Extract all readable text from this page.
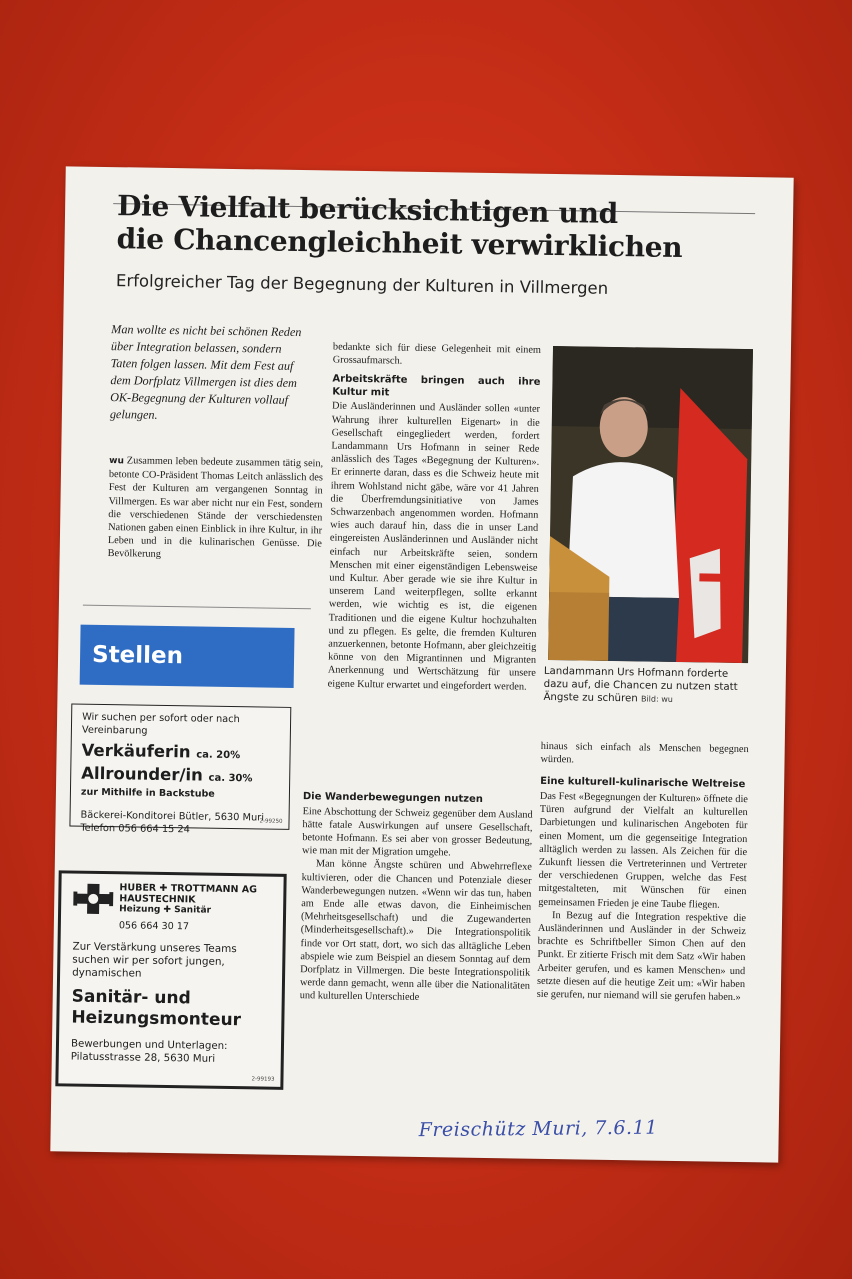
Die Vielfalt berücksichtigen und
die Chancengleichheit verwirklichen

Erfolgreicher Tag der Begegnung der Kulturen in Villmergen

Man wollte es nicht bei schönen Reden über Integration belassen, sondern Taten folgen lassen. Mit dem Fest auf dem Dorfplatz Villmergen ist dies dem OK-Begegnung der Kulturen vollauf gelungen.

wu Zusammen leben bedeute zusammen tätig sein, betonte CO-Präsident Thomas Leitch anlässlich des Fest der Kulturen am vergangenen Sonntag in Villmergen. Es war aber nicht nur ein Fest, sondern die verschiedenen Stände der verschiedensten Nationen gaben einen Einblick in ihre Kultur, in ihr Leben und in die kulinarischen Genüsse. Die Bevölkerung

bedankte sich für diese Gelegenheit mit einem Grossaufmarsch.

Arbeitskräfte bringen auch ihre Kultur mit

Die Ausländerinnen und Ausländer sollen «unter Wahrung ihrer kulturellen Eigenart» in die Gesellschaft eingegliedert werden, fordert Landammann Urs Hofmann in seiner Rede anlässlich des Tages «Begegnung der Kulturen». Er erinnerte daran, dass es die Schweiz heute mit ihrem Wohlstand nicht gäbe, wäre vor 41 Jahren die Überfremdungsinitiative von James Schwarzenbach angenommen worden. Hofmann wies auch darauf hin, dass die in unser Land eingereisten Ausländerinnen und Ausländer nicht einfach nur Arbeitskräfte seien, sondern Menschen mit einer eigenständigen Lebensweise und Kultur. Aber gerade wie sie ihre Kultur in unserem Land weiterpflegen, sollte erkannt werden, wie wichtig es ist, die eigenen Traditionen und die eigene Kultur hochzuhalten und zu pflegen. Es gelte, die fremden Kulturen anzuerkennen, betonte Hofmann, aber gleichzeitig könne von den Migrantinnen und Migranten Anerkennung und Wertschätzung für unsere eigene Kultur erwartet und eingefordert werden.

Die Wanderbewegungen nutzen

Eine Abschottung der Schweiz gegenüber dem Ausland hätte fatale Auswirkungen auf unsere Gesellschaft, betonte Hofmann. Es sei aber von grosser Bedeutung, wie man mit der Migration umgehe.

Man könne Ängste schüren und Abwehrreflexe kultivieren, oder die Chancen und Potenziale dieser Wanderbewegungen nutzen. «Wenn wir das tun, haben am Ende alle etwas davon, die Einheimischen (Mehrheitsgesellschaft) und die Zugewanderten (Minderheitsgesellschaft).» Die Integrationspolitik finde vor Ort statt, dort, wo sich das alltägliche Leben abspiele wie zum Beispiel an diesem Sonntag auf dem Dorfplatz in Villmergen. Die beste Integrationspolitik werde dann gemacht, wenn alle über die Nationalitäten und kulturellen Unterschiede

Landammann Urs Hofmann forderte dazu auf, die Chancen zu nutzen statt Ängste zu schüren Bild: wu

hinaus sich einfach als Menschen begegnen würden.

Eine kulturell-kulinarische Weltreise

Das Fest «Begegnungen der Kulturen» öffnete die Türen aufgrund der Vielfalt an kulturellen Darbietungen und kulinarischen Angeboten für einen Moment, um die gegenseitige Integration alltäglich werden zu lassen. Als Zeichen für die Zukunft liessen die Vertreterinnen und Vertreter der verschiedenen Gruppen, welche das Fest mitgestalteten, mit Wünschen für einen gemeinsamen Frieden je eine Taube fliegen.

In Bezug auf die Integration respektive die Ausländerinnen und Ausländer in der Schweiz brachte es Schriftbeller Simon Chen auf den Punkt. Er zitierte Frisch mit dem Satz «Wir haben Arbeiter gerufen, und es kamen Menschen» und setzte diesen auf die heutige Zeit um: «Wir haben sie gerufen, nur niemand will sie gerufen haben.»

Stellen

Wir suchen per sofort oder nach Vereinbarung

Verkäuferin ca. 20%

Allrounder/in ca. 30%

zur Mithilfe in Backstube

Bäckerei-Konditorei Bütler, 5630 Muri

Telefon 056 664 15 24

2-99250
HUBER ✚ TROTTMANN AG
HAUSTECHNIK
Heizung ✚ Sanitär

056 664 30 17

Zur Verstärkung unseres Teams suchen wir per sofort jungen, dynamischen

Sanitär- und
Heizungsmonteur

Bewerbungen und Unterlagen:
Pilatusstrasse 28, 5630 Muri

2-99193
Freischütz Muri, 7.6.11
